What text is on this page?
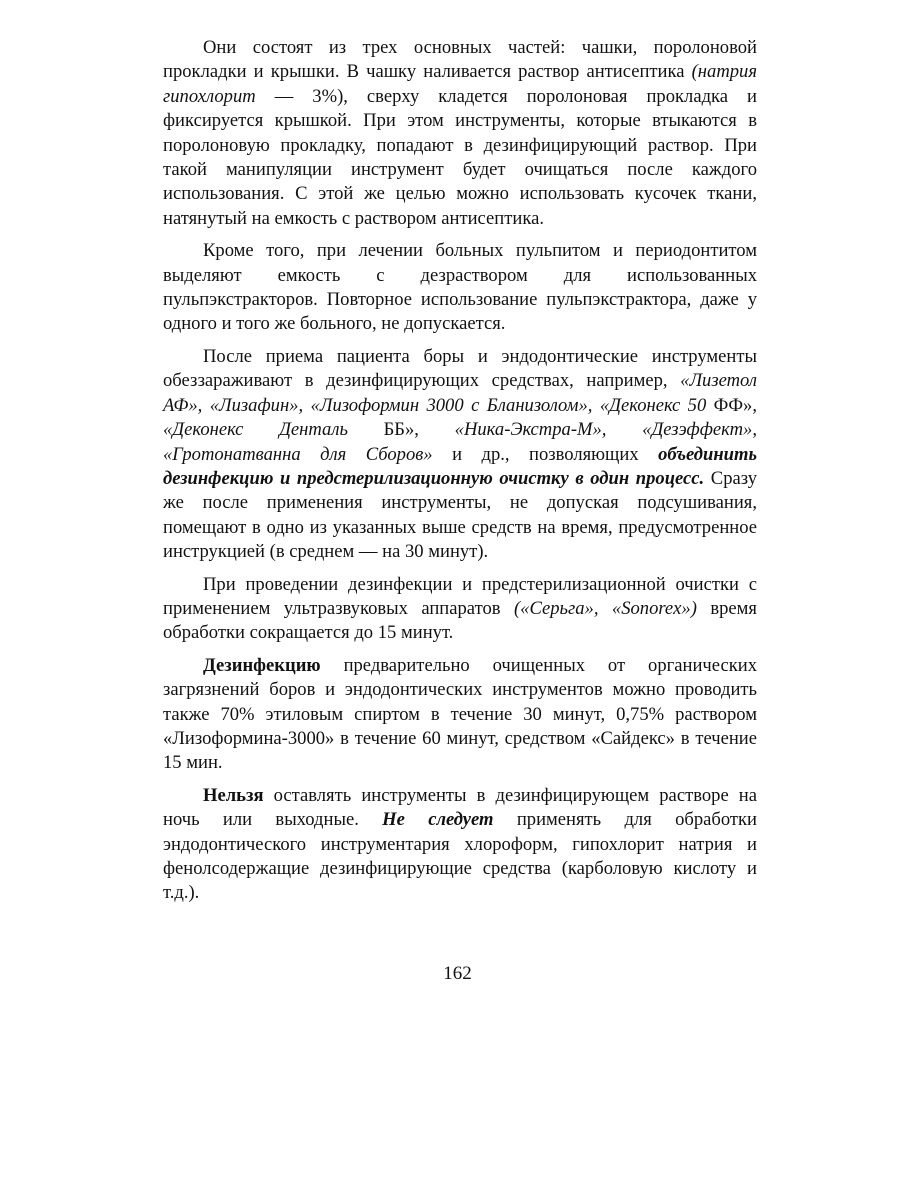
Они состоят из трех основных частей: чашки, поролоновой прокладки и крышки. В чашку наливается раствор антисептика (натрия гипохлорит — 3%), сверху кладется поролоновая прокладка и фиксируется крышкой. При этом инструменты, которые втыкаются в поролоновую прокладку, попадают в дезинфицирующий раствор. При такой манипуляции инструмент будет очищаться после каждого использования. С этой же целью можно использовать кусочек ткани, натянутый на емкость с раствором антисептика.

Кроме того, при лечении больных пульпитом и периодонтитом выделяют емкость с дезраствором для использованных пульпэкстракторов. Повторное использование пульпэкстрактора, даже у одного и того же больного, не допускается.

После приема пациента боры и эндодонтические инструменты обеззараживают в дезинфицирующих средствах, например, «Лизетол АФ», «Лизафин», «Лизоформин 3000 с Бланизолом», «Деконекс 50 ФФ», «Деконекс Денталь ББ», «Ника-Экстра-М», «Дезэффект», «Гротонатванна для Сборов» и др., позволяющих объединить дезинфекцию и предстерилизационную очистку в один процесс. Сразу же после применения инструменты, не допуская подсушивания, помещают в одно из указанных выше средств на время, предусмотренное инструкцией (в среднем — на 30 минут).

При проведении дезинфекции и предстерилизационной очистки с применением ультразвуковых аппаратов («Серьга», «Sonorex») время обработки сокращается до 15 минут.

Дезинфекцию предварительно очищенных от органических загрязнений боров и эндодонтических инструментов можно проводить также 70% этиловым спиртом в течение 30 минут, 0,75% раствором «Лизоформина-3000» в течение 60 минут, средством «Сайдекс» в течение 15 мин.

Нельзя оставлять инструменты в дезинфицирующем растворе на ночь или выходные. Не следует применять для обработки эндодонтического инструментария хлороформ, гипохлорит натрия и фенолсодержащие дезинфицирующие средства (карболовую кислоту и т.д.).

162
